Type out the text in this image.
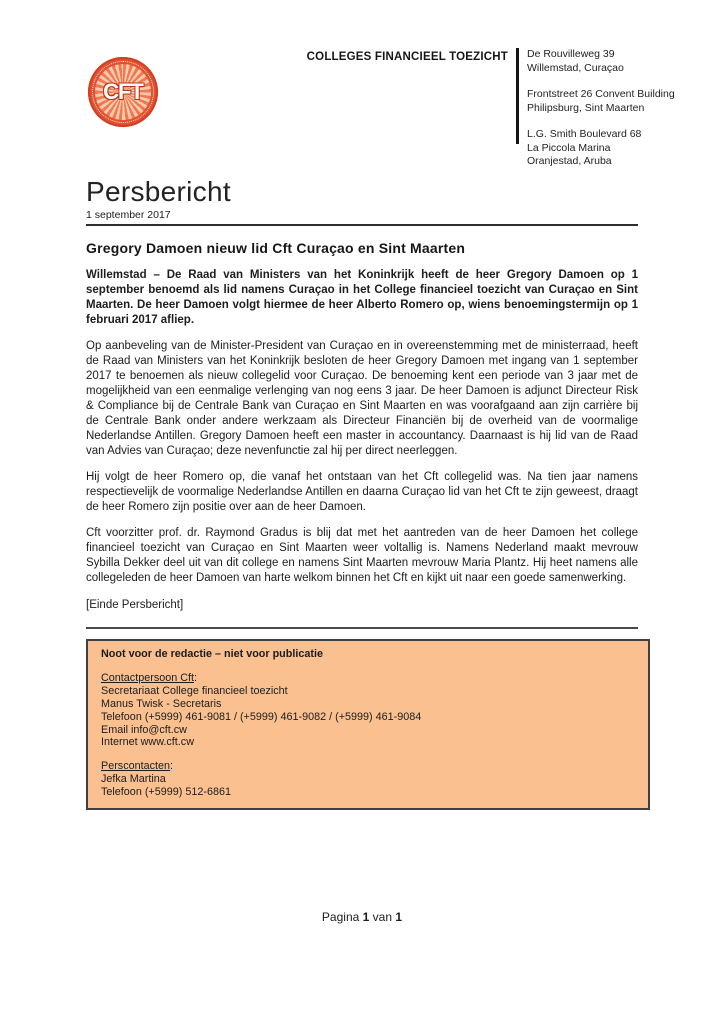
CFT
COLLEGES FINANCIEEL TOEZICHT De Rouvilleweg 39
Willemstad, Curaçao
Frontstreet 26 Convent Building
Philipsburg, Sint Maarten
L.G. Smith Boulevard 68
La Piccola Marina
Oranjestad, Aruba
Persbericht
1 september 2017
Gregory Damoen nieuw lid Cft Curaçao en Sint Maarten

Willemstad – De Raad van Ministers van het Koninkrijk heeft de heer Gregory Damoen op 1 september benoemd als lid namens Curaçao in het College financieel toezicht van Curaçao en Sint Maarten. De heer Damoen volgt hiermee de heer Alberto Romero op, wiens benoemingstermijn op 1 februari 2017 afliep.

Op aanbeveling van de Minister-President van Curaçao en in overeenstemming met de ministerraad, heeft de Raad van Ministers van het Koninkrijk besloten de heer Gregory Damoen met ingang van 1 september 2017 te benoemen als nieuw collegelid voor Curaçao. De benoeming kent een periode van 3 jaar met de mogelijkheid van een eenmalige verlenging van nog eens 3 jaar. De heer Damoen is adjunct Directeur Risk & Compliance bij de Centrale Bank van Curaçao en Sint Maarten en was voorafgaand aan zijn carrière bij de Centrale Bank onder andere werkzaam als Directeur Financiën bij de overheid van de voormalige Nederlandse Antillen. Gregory Damoen heeft een master in accountancy. Daarnaast is hij lid van de Raad van Advies van Curaçao; deze nevenfunctie zal hij per direct neerleggen.

Hij volgt de heer Romero op, die vanaf het ontstaan van het Cft collegelid was. Na tien jaar namens respectievelijk de voormalige Nederlandse Antillen en daarna Curaçao lid van het Cft te zijn geweest, draagt de heer Romero zijn positie over aan de heer Damoen.

Cft voorzitter prof. dr. Raymond Gradus is blij dat met het aantreden van de heer Damoen het college financieel toezicht van Curaçao en Sint Maarten weer voltallig is. Namens Nederland maakt mevrouw Sybilla Dekker deel uit van dit college en namens Sint Maarten mevrouw Maria Plantz. Hij heet namens alle collegeleden de heer Damoen van harte welkom binnen het Cft en kijkt uit naar een goede samenwerking.

[Einde Persbericht]

Noot voor de redactie – niet voor publicatie
Contactpersoon Cft:
Secretariaat College financieel toezicht
Manus Twisk - Secretaris
Telefoon (+5999) 461-9081 / (+5999) 461-9082 / (+5999) 461-9084
Email info@cft.cw
Internet www.cft.cw
Perscontacten:
Jefka Martina
Telefoon (+5999) 512-6861
Pagina 1 van 1
